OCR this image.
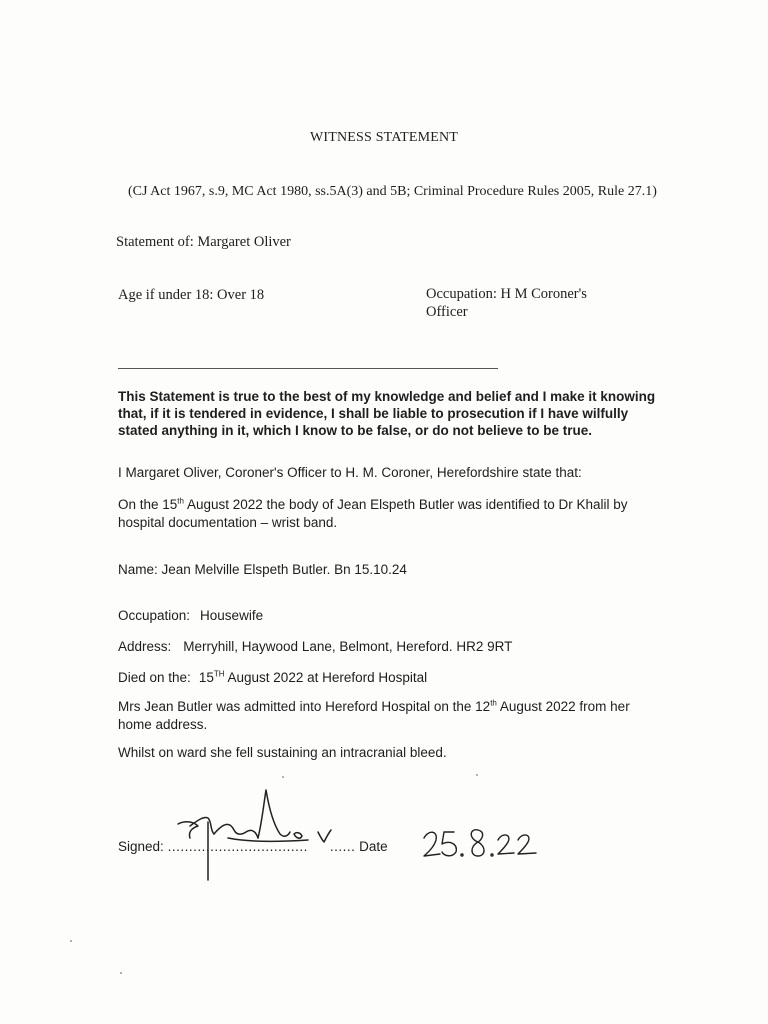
WITNESS STATEMENT
(CJ Act 1967, s.9, MC Act 1980, ss.5A(3) and 5B; Criminal Procedure Rules 2005, Rule 27.1)
Statement of: Margaret Oliver
Age if under 18: Over 18	Occupation: H M Coroner's Officer
This Statement is true to the best of my knowledge and belief and I make it knowing that, if it is tendered in evidence, I shall be liable to prosecution if I have wilfully stated anything in it, which I know to be false, or do not believe to be true.
I Margaret Oliver, Coroner's Officer to H. M. Coroner, Herefordshire state that:
On the 15th August 2022 the body of Jean Elspeth Butler was identified to Dr Khalil by hospital documentation – wrist band.
Name: Jean Melville Elspeth Butler. Bn 15.10.24
Occupation: Housewife
Address: Merryhill, Haywood Lane, Belmont, Hereford. HR2 9RT
Died on the: 15TH August 2022 at Hereford Hospital
Mrs Jean Butler was admitted into Hereford Hospital on the 12th August 2022 from her home address.
Whilst on ward she fell sustaining an intracranial bleed.
Signed: ................................. ...... Date
